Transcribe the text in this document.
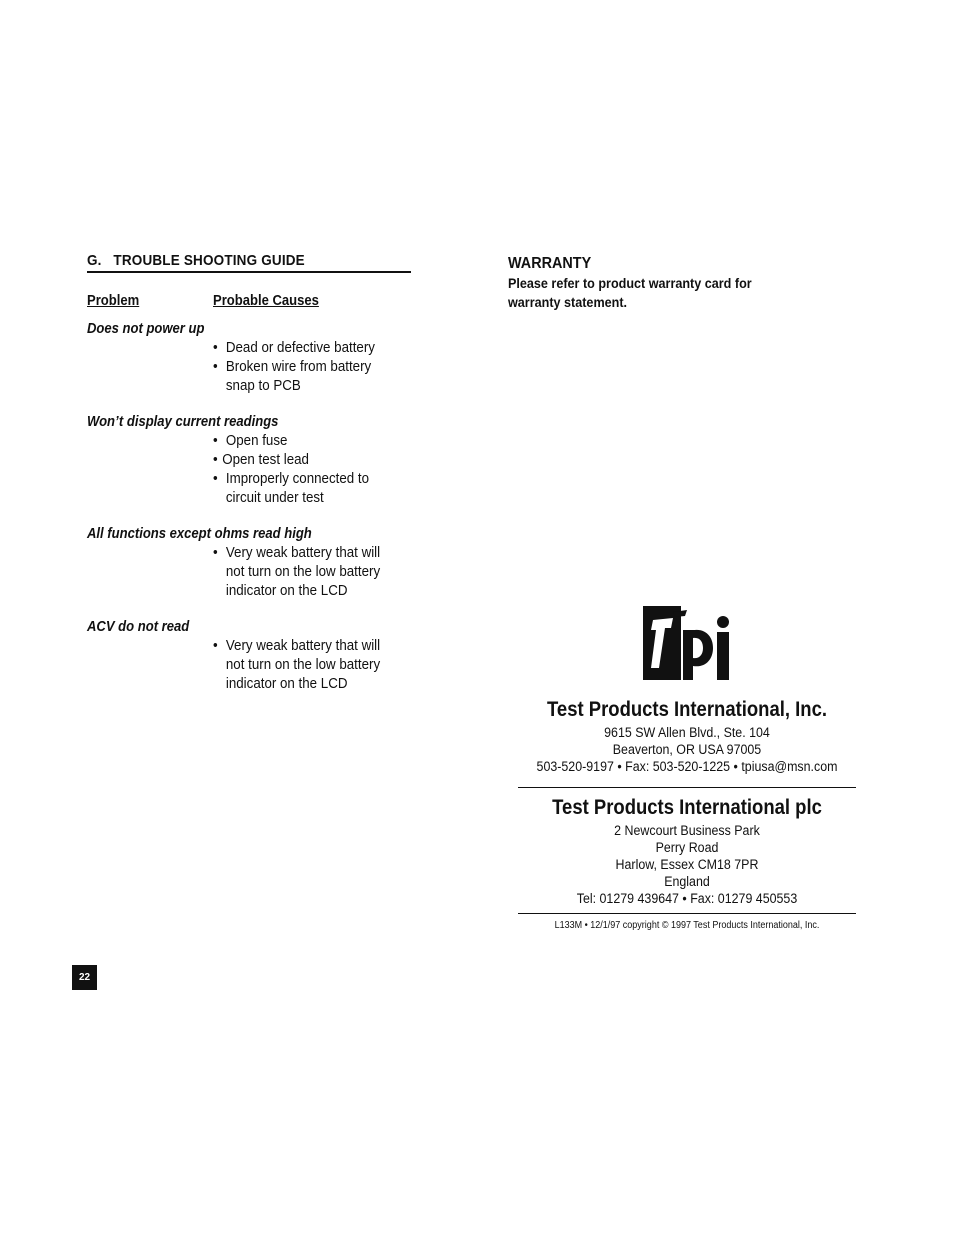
G.   TROUBLE SHOOTING GUIDE
Problem	Probable Causes
Does not power up
• Dead or defective battery
• Broken wire from battery
snap to PCB
Won’t display current readings
• Open fuse
• Open test lead
• Improperly connected to
circuit under test
All functions except ohms read high
• Very weak battery that will
not turn on the low battery
indicator on the LCD
ACV do not read
• Very weak battery that will
not turn on the low battery
indicator on the LCD
WARRANTY
Please refer to product warranty card for
warranty statement.
Test Products International, Inc.
9615 SW Allen Blvd., Ste. 104
Beaverton, OR USA 97005
503-520-9197 • Fax: 503-520-1225 • tpiusa@msn.com
Test Products International plc
2 Newcourt Business Park
Perry Road
Harlow, Essex CM18 7PR
England
Tel: 01279 439647 • Fax: 01279 450553
L133M • 12/1/97 copyright © 1997 Test Products International, Inc.
22
